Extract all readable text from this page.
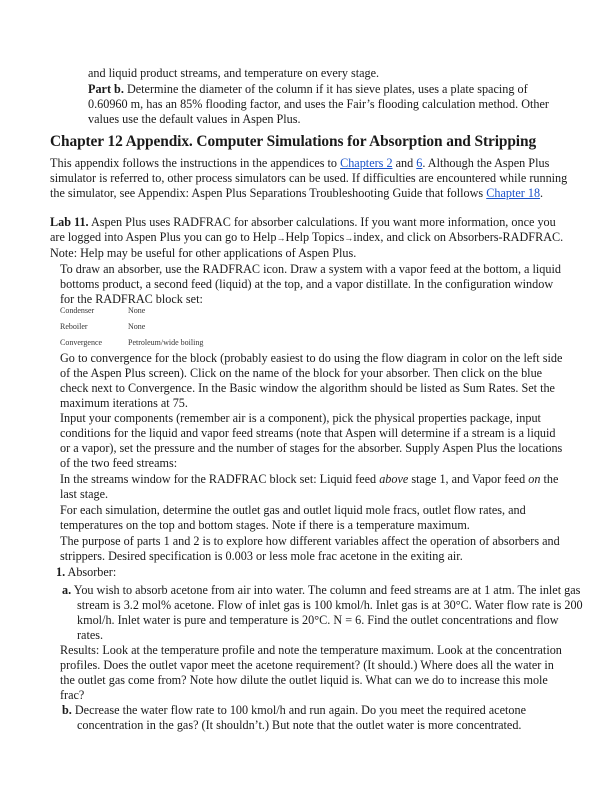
and liquid product streams, and temperature on every stage.

Part b. Determine the diameter of the column if it has sieve plates, uses a plate spacing of 0.60960 m, has an 85% flooding factor, and uses the Fair’s flooding calculation method. Other values use the default values in Aspen Plus.

Chapter 12 Appendix. Computer Simulations for Absorption and Stripping

This appendix follows the instructions in the appendices to Chapters 2 and 6. Although the Aspen Plus simulator is referred to, other process simulators can be used. If difficulties are encountered while running the simulator, see Appendix: Aspen Plus Separations Troubleshooting Guide that follows Chapter 18.

Lab 11. Aspen Plus uses RADFRAC for absorber calculations. If you want more information, once you are logged into Aspen Plus you can go to Help→Help Topics→index, and click on Absorbers-RADFRAC. Note: Help may be useful for other applications of Aspen Plus.

To draw an absorber, use the RADFRAC icon. Draw a system with a vapor feed at the bottom, a liquid bottoms product, a second feed (liquid) at the top, and a vapor distillate. In the configuration window for the RADFRAC block set:

Condenser	None
Reboiler	None
Convergence	Petroleum/wide boiling

Go to convergence for the block (probably easiest to do using the flow diagram in color on the left side of the Aspen Plus screen). Click on the name of the block for your absorber. Then click on the blue check next to Convergence. In the Basic window the algorithm should be listed as Sum Rates. Set the maximum iterations at 75.

Input your components (remember air is a component), pick the physical properties package, input conditions for the liquid and vapor feed streams (note that Aspen will determine if a stream is a liquid or a vapor), set the pressure and the number of stages for the absorber. Supply Aspen Plus the locations of the two feed streams:

In the streams window for the RADFRAC block set: Liquid feed above stage 1, and Vapor feed on the last stage.

For each simulation, determine the outlet gas and outlet liquid mole fracs, outlet flow rates, and temperatures on the top and bottom stages. Note if there is a temperature maximum.

The purpose of parts 1 and 2 is to explore how different variables affect the operation of absorbers and strippers. Desired specification is 0.003 or less mole frac acetone in the exiting air.

1. Absorber:

a. You wish to absorb acetone from air into water. The column and feed streams are at 1 atm. The inlet gas stream is 3.2 mol% acetone. Flow of inlet gas is 100 kmol/h. Inlet gas is at 30°C. Water flow rate is 200 kmol/h. Inlet water is pure and temperature is 20°C. N = 6. Find the outlet concentrations and flow rates.

Results: Look at the temperature profile and note the temperature maximum. Look at the concentration profiles. Does the outlet vapor meet the acetone requirement? (It should.) Where does all the water in the outlet gas come from? Note how dilute the outlet liquid is. What can we do to increase this mole frac?

b. Decrease the water flow rate to 100 kmol/h and run again. Do you meet the required acetone concentration in the gas? (It shouldn’t.) But note that the outlet water is more concentrated.
